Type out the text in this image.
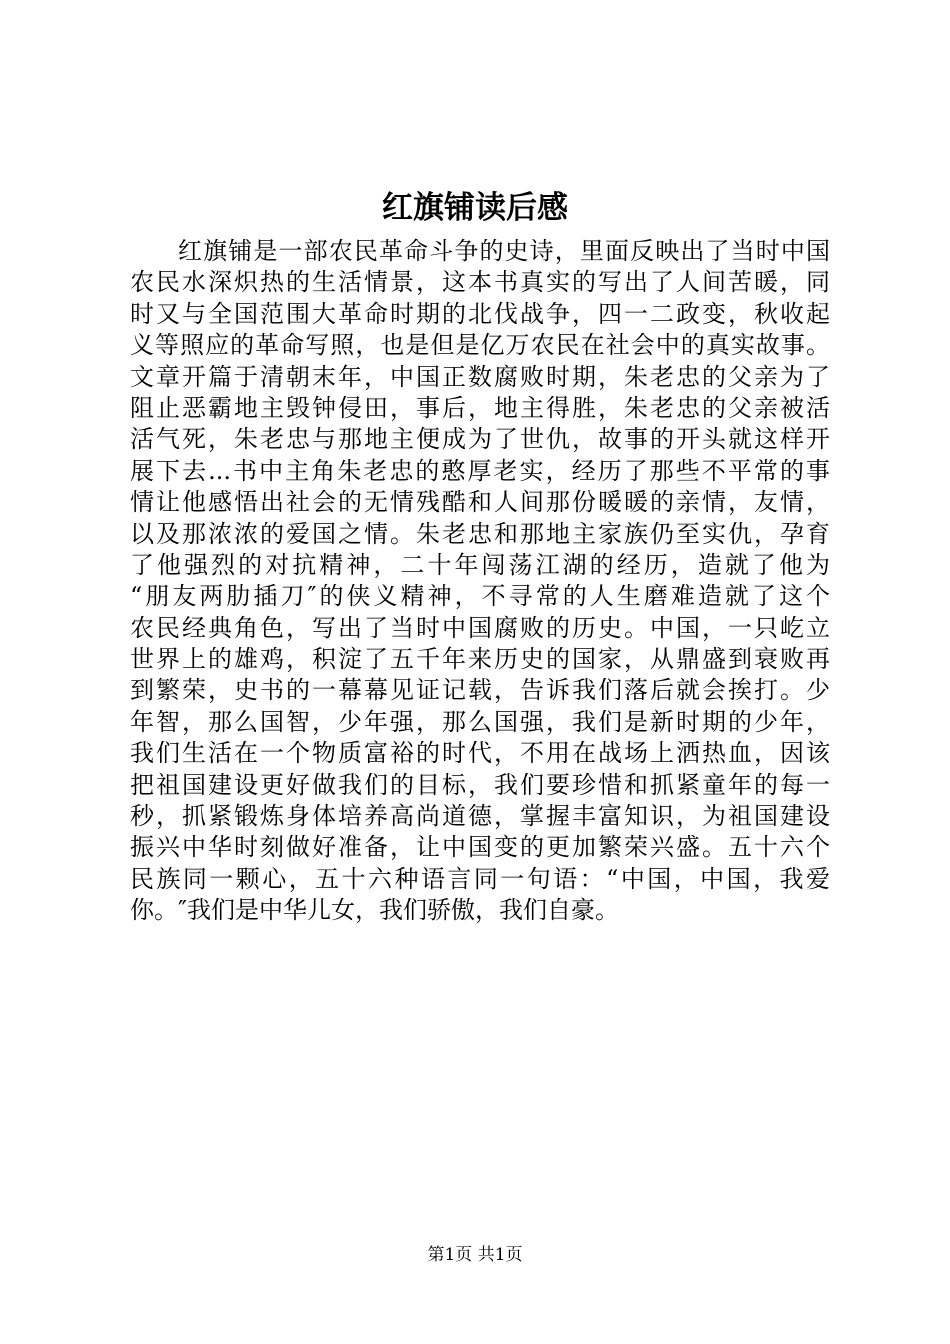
红旗铺读后感
红旗铺是一部农民革命斗争的史诗，里面反映出了当时中国
农民水深炽热的生活情景，这本书真实的写出了人间苦暖，同
时又与全国范围大革命时期的北伐战争，四一二政变，秋收起
义等照应的革命写照，也是但是亿万农民在社会中的真实故事。
文章开篇于清朝末年，中国正数腐败时期，朱老忠的父亲为了
阻止恶霸地主毁钟侵田，事后，地主得胜，朱老忠的父亲被活
活气死，朱老忠与那地主便成为了世仇，故事的开头就这样开
展下去...书中主角朱老忠的憨厚老实，经历了那些不平常的事
情让他感悟出社会的无情残酷和人间那份暖暖的亲情，友情，
以及那浓浓的爱国之情。朱老忠和那地主家族仍至实仇，孕育
了他强烈的对抗精神，二十年闯荡江湖的经历，造就了他为
“朋友两肋插刀″的侠义精神，不寻常的人生磨难造就了这个
农民经典角色，写出了当时中国腐败的历史。中国，一只屹立
世界上的雄鸡，积淀了五千年来历史的国家，从鼎盛到衰败再
到繁荣，史书的一幕幕见证记载，告诉我们落后就会挨打。少
年智，那么国智，少年强，那么国强，我们是新时期的少年，
我们生活在一个物质富裕的时代，不用在战场上洒热血，因该
把祖国建设更好做我们的目标，我们要珍惜和抓紧童年的每一
秒，抓紧锻炼身体培养高尚道德，掌握丰富知识，为祖国建设
振兴中华时刻做好准备，让中国变的更加繁荣兴盛。五十六个
民族同一颗心，五十六种语言同一句语：“中国，中国，我爱
你。″我们是中华儿女，我们骄傲，我们自豪。
第1页 共1页
